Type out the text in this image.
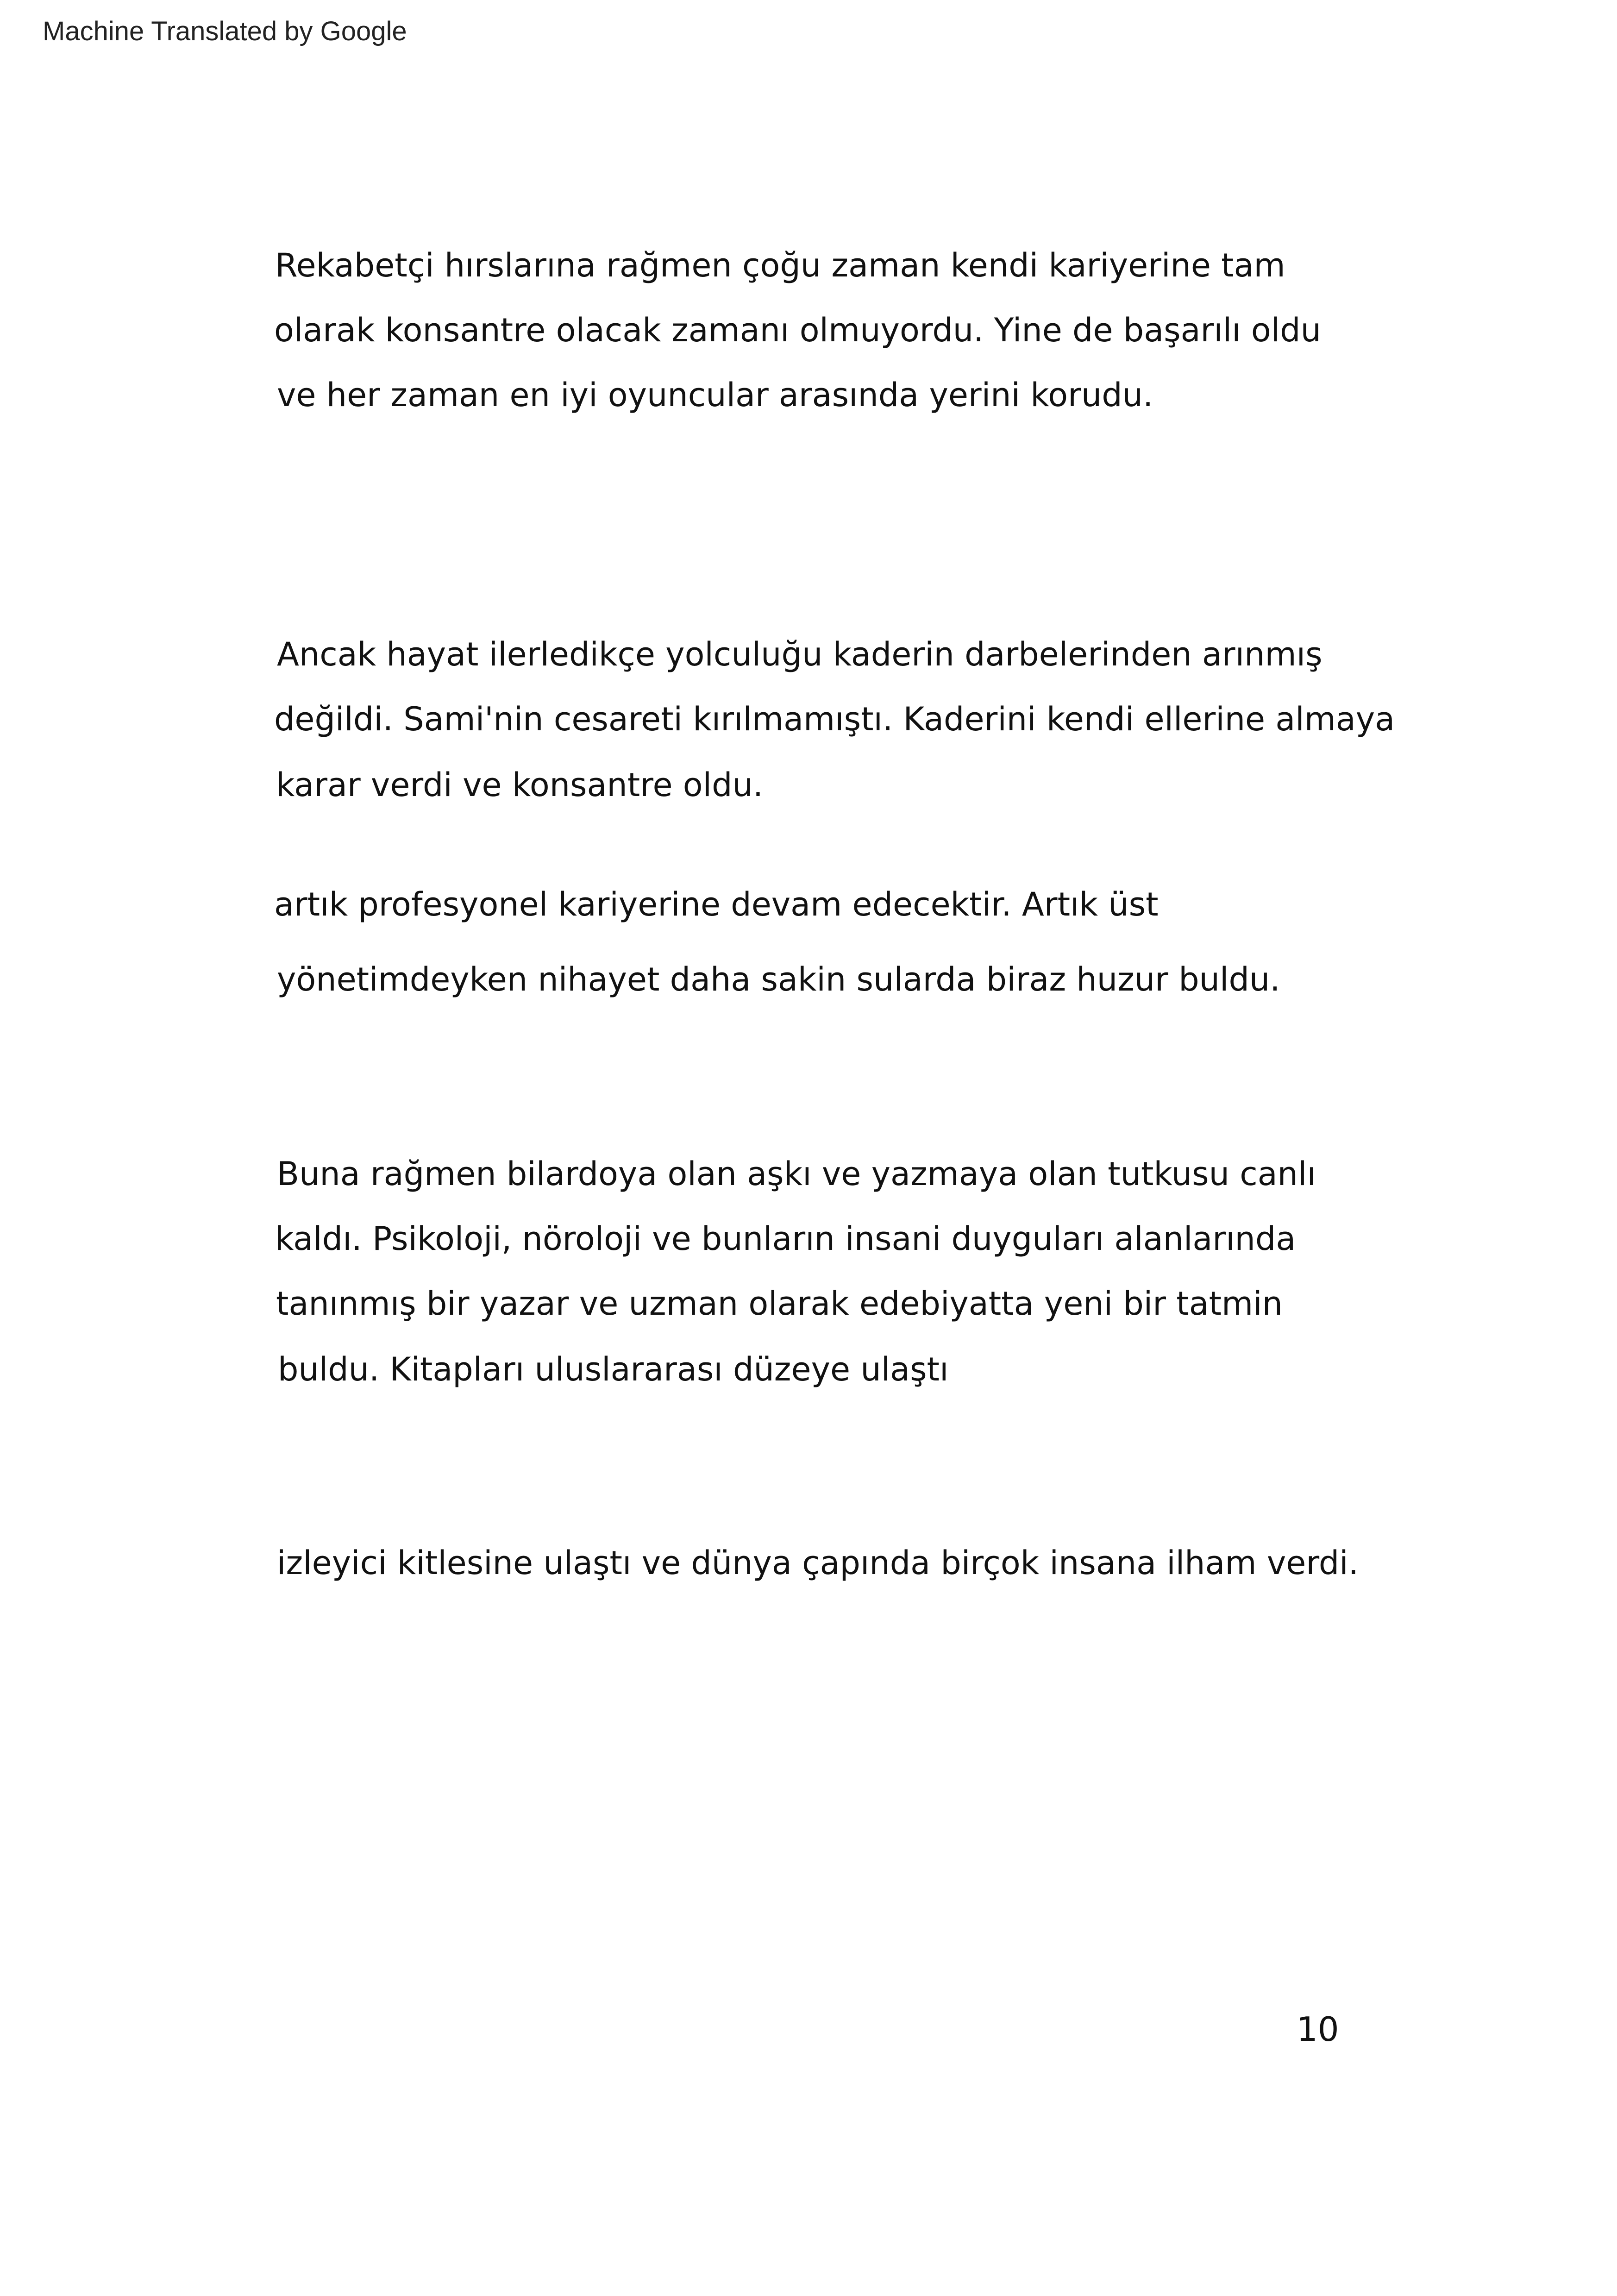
Machine Translated by Google
Rekabetçi hırslarına rağmen çoğu zaman kendi kariyerine tam
olarak konsantre olacak zamanı olmuyordu. Yine de başarılı oldu
ve her zaman en iyi oyuncular arasında yerini korudu.
Ancak hayat ilerledikçe yolculuğu kaderin darbelerinden arınmış
değildi. Sami'nin cesareti kırılmamıştı. Kaderini kendi ellerine almaya
karar verdi ve konsantre oldu.
artık profesyonel kariyerine devam edecektir. Artık üst
yönetimdeyken nihayet daha sakin sularda biraz huzur buldu.
Buna rağmen bilardoya olan aşkı ve yazmaya olan tutkusu canlı
kaldı. Psikoloji, nöroloji ve bunların insani duyguları alanlarında
tanınmış bir yazar ve uzman olarak edebiyatta yeni bir tatmin
buldu. Kitapları uluslararası düzeye ulaştı
izleyici kitlesine ulaştı ve dünya çapında birçok insana ilham verdi.
10
